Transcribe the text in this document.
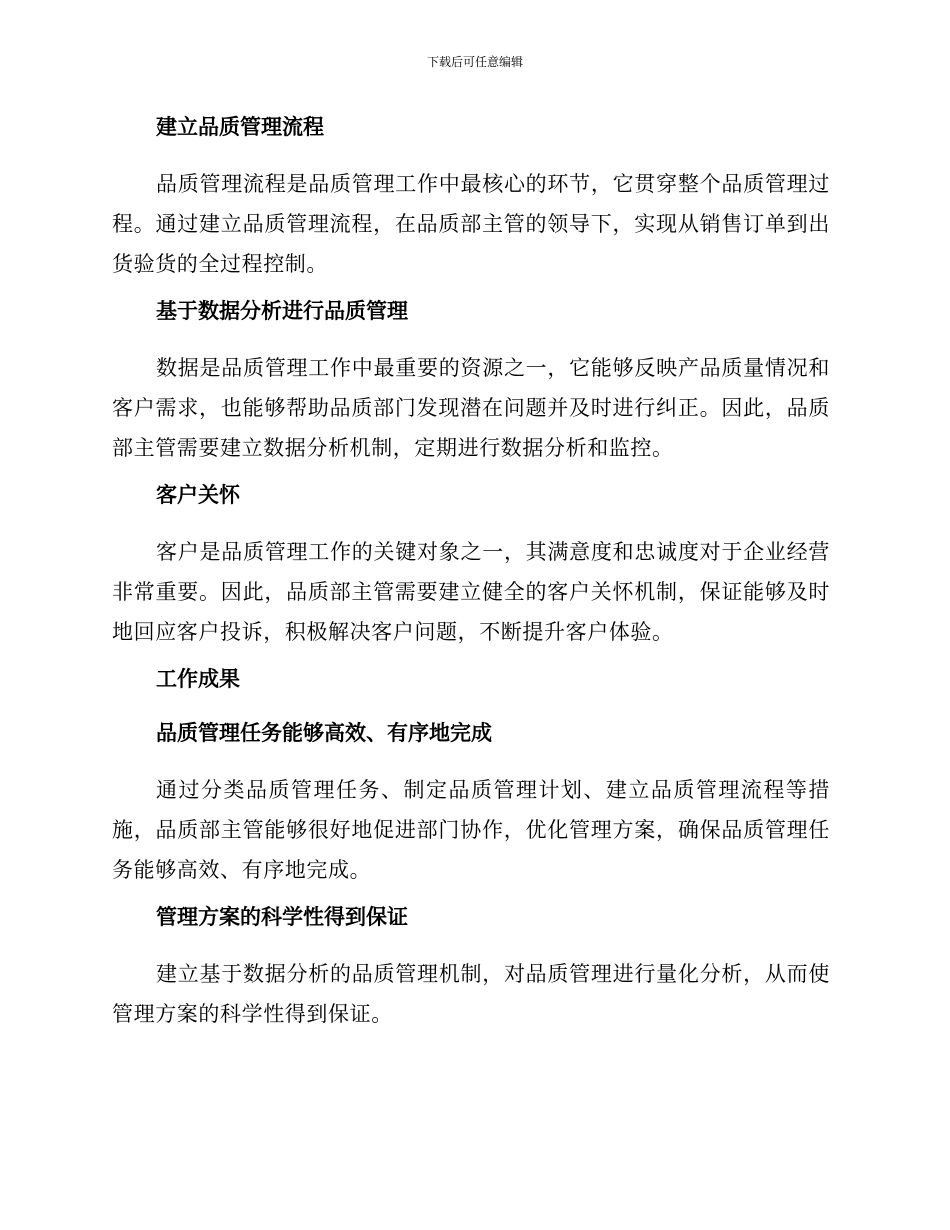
下载后可任意编辑
建立品质管理流程
品质管理流程是品质管理工作中最核心的环节，它贯穿整个品质管理过程。通过建立品质管理流程，在品质部主管的领导下，实现从销售订单到出货验货的全过程控制。
基于数据分析进行品质管理
数据是品质管理工作中最重要的资源之一，它能够反映产品质量情况和客户需求，也能够帮助品质部门发现潜在问题并及时进行纠正。因此，品质部主管需要建立数据分析机制，定期进行数据分析和监控。
客户关怀
客户是品质管理工作的关键对象之一，其满意度和忠诚度对于企业经营非常重要。因此，品质部主管需要建立健全的客户关怀机制，保证能够及时地回应客户投诉，积极解决客户问题，不断提升客户体验。
工作成果
品质管理任务能够高效、有序地完成
通过分类品质管理任务、制定品质管理计划、建立品质管理流程等措施，品质部主管能够很好地促进部门协作，优化管理方案，确保品质管理任务能够高效、有序地完成。
管理方案的科学性得到保证
建立基于数据分析的品质管理机制，对品质管理进行量化分析，从而使管理方案的科学性得到保证。
